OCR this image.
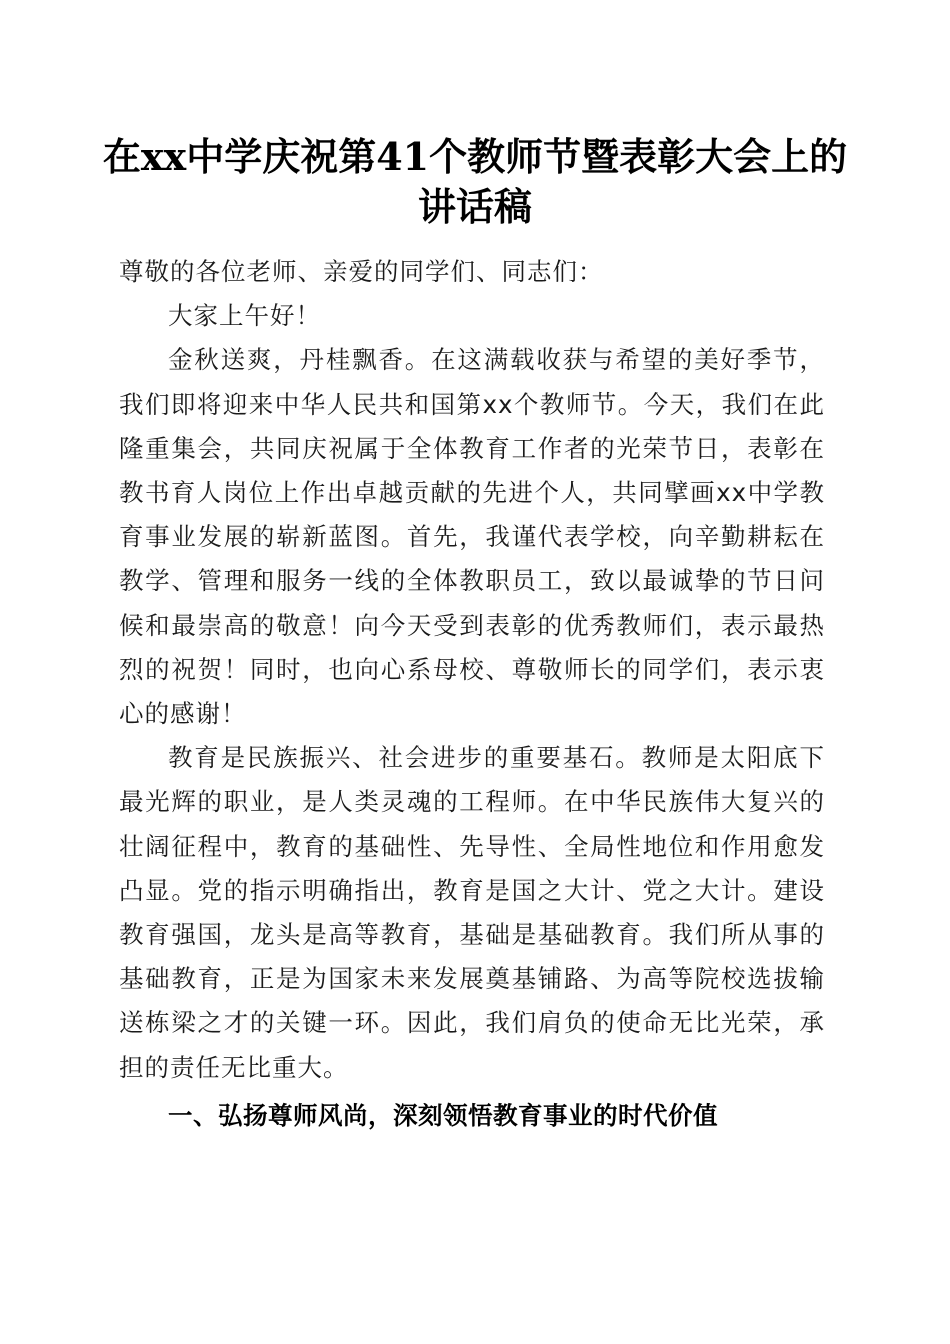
在xx中学庆祝第41个教师节暨表彰大会上的讲话稿

尊敬的各位老师、亲爱的同学们、同志们：

大家上午好！

金秋送爽，丹桂飘香。在这满载收获与希望的美好季节，我们即将迎来中华人民共和国第xx个教师节。今天，我们在此隆重集会，共同庆祝属于全体教育工作者的光荣节日，表彰在教书育人岗位上作出卓越贡献的先进个人，共同擘画xx中学教育事业发展的崭新蓝图。首先，我谨代表学校，向辛勤耕耘在教学、管理和服务一线的全体教职员工，致以最诚挚的节日问候和最崇高的敬意！向今天受到表彰的优秀教师们，表示最热烈的祝贺！同时，也向心系母校、尊敬师长的同学们，表示衷心的感谢！

教育是民族振兴、社会进步的重要基石。教师是太阳底下最光辉的职业，是人类灵魂的工程师。在中华民族伟大复兴的壮阔征程中，教育的基础性、先导性、全局性地位和作用愈发凸显。党的指示明确指出，教育是国之大计、党之大计。建设教育强国，龙头是高等教育，基础是基础教育。我们所从事的基础教育，正是为国家未来发展奠基铺路、为高等院校选拔输送栋梁之才的关键一环。因此，我们肩负的使命无比光荣，承担的责任无比重大。

一、弘扬尊师风尚，深刻领悟教育事业的时代价值
